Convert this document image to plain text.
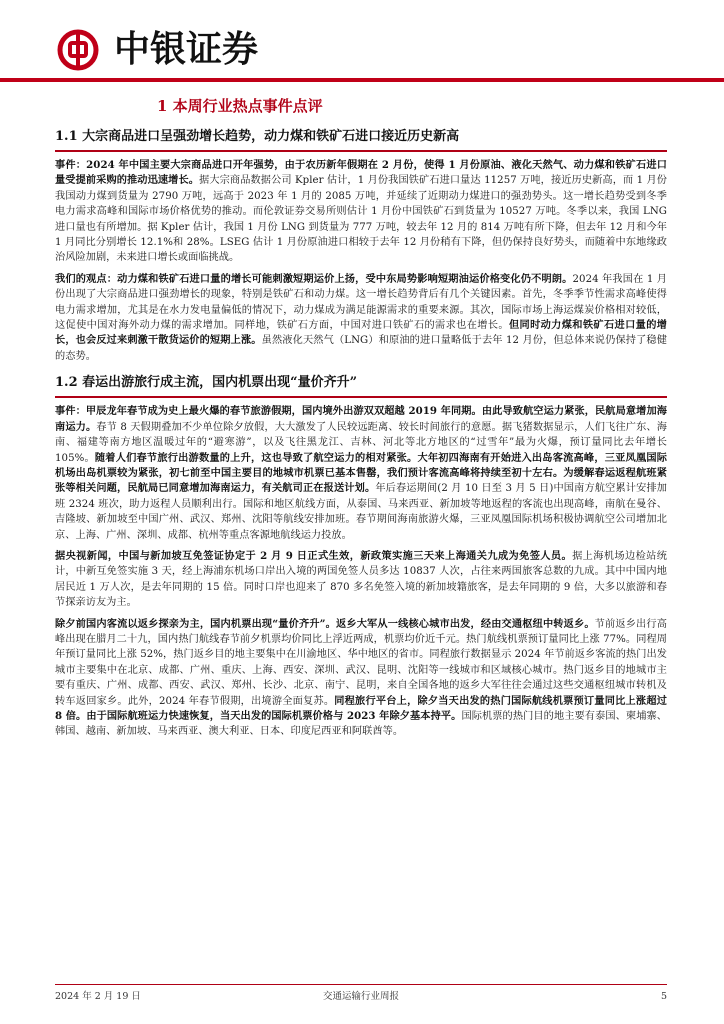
中银证券
1 本周行业热点事件点评
1.1 大宗商品进口呈强劲增长趋势，动力煤和铁矿石进口接近历史新高

事件：2024 年中国主要大宗商品进口开年强势，由于农历新年假期在 2 月份，使得 1 月份原油、液化天然气、动力煤和铁矿石进口量受提前采购的推动迅速增长。据大宗商品数据公司 Kpler 估计，1 月份我国铁矿石进口量达 11257 万吨，接近历史新高，而 1 月份我国动力煤到货量为 2790 万吨，远高于 2023 年 1 月的 2085 万吨，并延续了近期动力煤进口的强劲势头。这一增长趋势受到冬季电力需求高峰和国际市场价格优势的推动。而伦敦证券交易所则估计 1 月份中国铁矿石到货量为 10527 万吨。冬季以来，我国 LNG 进口量也有所增加。据 Kpler 估计，我国 1 月份 LNG 到货量为 777 万吨，较去年 12 月的 814 万吨有所下降，但去年 12 月和今年 1 月同比分别增长 12.1%和 28%。LSEG 估计 1 月份原油进口相较于去年 12 月份稍有下降，但仍保持良好势头，而随着中东地缘政治风险加剧，未来进口增长或面临挑战。

我们的观点：动力煤和铁矿石进口量的增长可能刺激短期运价上扬，受中东局势影响短期油运价格变化仍不明朗。2024 年我国在 1 月份出现了大宗商品进口强劲增长的现象，特别是铁矿石和动力煤。这一增长趋势背后有几个关键因素。首先，冬季季节性需求高峰使得电力需求增加，尤其是在水力发电量偏低的情况下，动力煤成为满足能源需求的重要来源。其次，国际市场上海运煤炭价格相对较低，这促使中国对海外动力煤的需求增加。同样地，铁矿石方面，中国对进口铁矿石的需求也在增长。但同时动力煤和铁矿石进口量的增长，也会反过来刺激干散货运价的短期上涨。虽然液化天然气（LNG）和原油的进口量略低于去年 12 月份，但总体来说仍保持了稳健的态势。

1.2 春运出游旅行成主流，国内机票出现“量价齐升”

事件：甲辰龙年春节成为史上最火爆的春节旅游假期，国内境外出游双双超越 2019 年同期。由此导致航空运力紧张，民航局意增加海南运力。春节 8 天假期叠加不少单位除夕放假，大大激发了人民较远距离、较长时间旅行的意愿。据飞猪数据显示，人们飞往广东、海南、福建等南方地区温暖过年的“避寒游”，以及飞往黑龙江、吉林、河北等北方地区的“过雪年”最为火爆，预订量同比去年增长 105%。随着人们春节旅行出游数量的上升，这也导致了航空运力的相对紧张。大年初四海南有开始进入出岛客流高峰，三亚凤凰国际机场出岛机票较为紧张，初七前至中国主要目的地城市机票已基本售罄，我们预计客流高峰将持续至初十左右。为缓解春运返程航班紧张等相关问题，民航局已同意增加海南运力，有关航司正在报送计划。年后春运期间(2 月 10 日至 3 月 5 日)中国南方航空累计安排加班 2324 班次，助力返程人员顺利出行。国际和地区航线方面，从泰国、马来西亚、新加坡等地返程的客流也出现高峰，南航在曼谷、吉隆坡、新加坡至中国广州、武汉、郑州、沈阳等航线安排加班。春节期间海南旅游火爆，三亚凤凰国际机场积极协调航空公司增加北京、上海、广州、深圳、成都、杭州等重点客源地航线运力投放。

据央视新闻，中国与新加坡互免签证协定于 2 月 9 日正式生效，新政策实施三天来上海通关九成为免签人员。据上海机场边检站统计，中新互免签实施 3 天，经上海浦东机场口岸出入境的两国免签人员多达 10837 人次，占往来两国旅客总数的九成。其中中国内地居民近 1 万人次，是去年同期的 15 倍。同时口岸也迎来了 870 多名免签入境的新加坡籍旅客，是去年同期的 9 倍，大多以旅游和春节探亲访友为主。

除夕前国内客流以返乡探亲为主，国内机票出现“量价齐升”。返乡大军从一线核心城市出发，经由交通枢纽中转返乡。节前返乡出行高峰出现在腊月二十九，国内热门航线春节前夕机票均价同比上浮近两成，机票均价近千元。热门航线机票预订量同比上涨 77%。同程周年预订量同比上涨 52%，热门返乡目的地主要集中在川渝地区、华中地区的省市。同程旅行数据显示 2024 年节前返乡客流的热门出发城市主要集中在北京、成都、广州、重庆、上海、西安、深圳、武汉、昆明、沈阳等一线城市和区域核心城市。热门返乡目的地城市主要有重庆、广州、成都、西安、武汉、郑州、长沙、北京、南宁、昆明，来自全国各地的返乡大军往往会通过这些交通枢纽城市转机及转车返回家乡。此外，2024 年春节假期，出境游全面复苏。同程旅行平台上，除夕当天出发的热门国际航线机票预订量同比上涨超过 8 倍。由于国际航班运力快速恢复，当天出发的国际机票价格与 2023 年除夕基本持平。国际机票的热门目的地主要有泰国、柬埔寨、韩国、越南、新加坡、马来西亚、澳大利亚、日本、印度尼西亚和阿联酋等。

2024 年 2 月 19 日	交通运输行业周报	5
